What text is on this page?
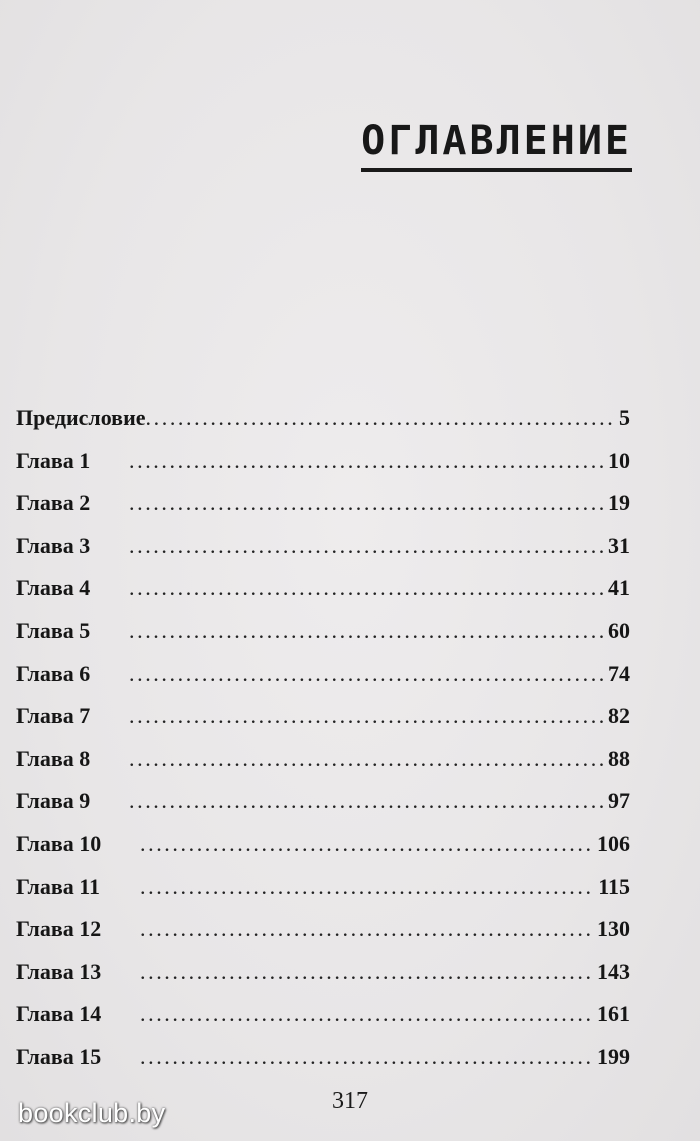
ОГЛАВЛЕНИЕ
Предисловие .....	5
Глава 1 .....	10
Глава 2 .....	19
Глава 3 .....	31
Глава 4 .....	41
Глава 5 .....	60
Глава 6 .....	74
Глава 7 .....	82
Глава 8 .....	88
Глава 9 .....	97
Глава 10 .....	106
Глава 11 .....	115
Глава 12 .....	130
Глава 13 .....	143
Глава 14 .....	161
Глава 15 .....	199
317
bookclub.by
